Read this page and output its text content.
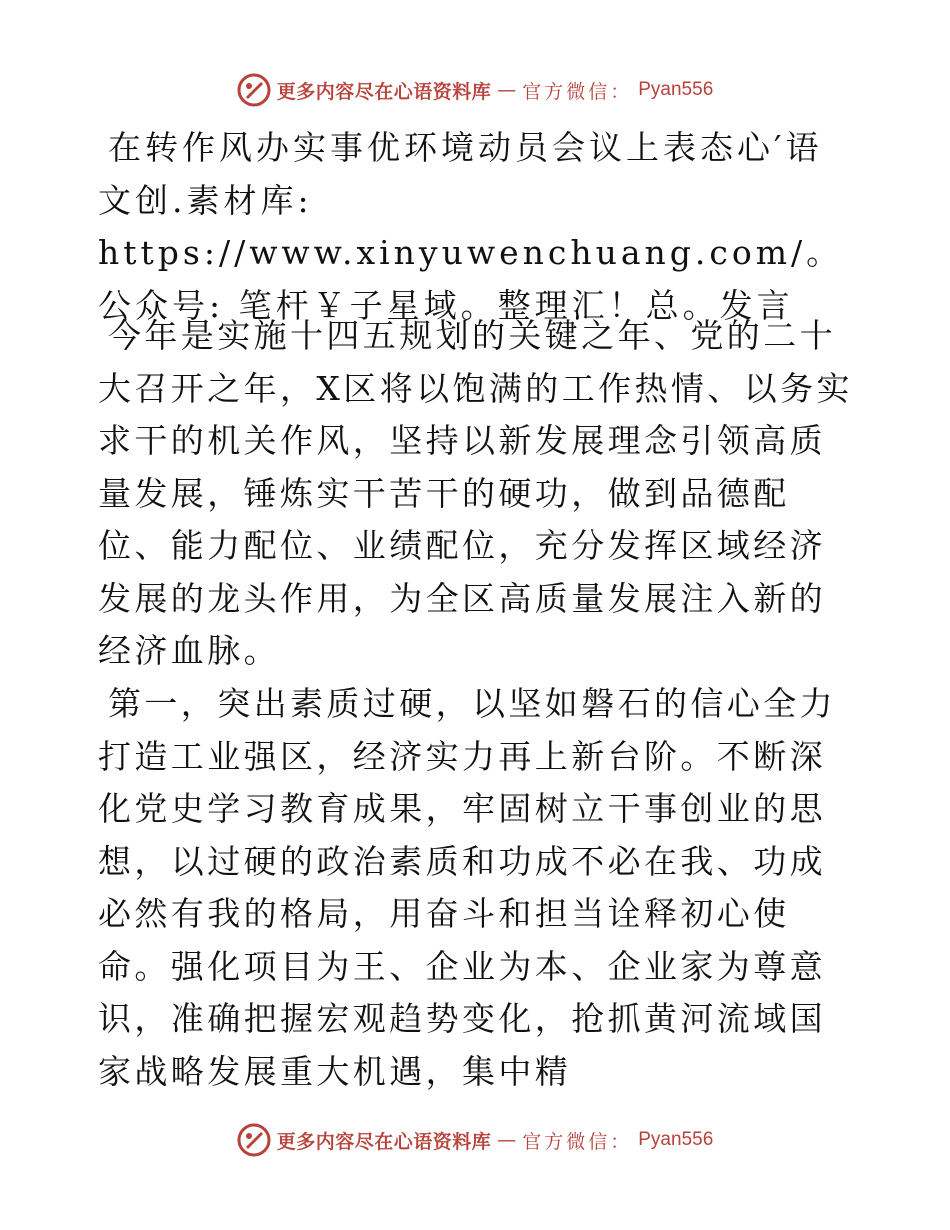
更多内容尽在心语资料库 — 官方微信： Pyan556

在转作风办实事优环境动员会议上表态心′语文创.素材库: https://www.xinyuwenchuang.com/。公众号: 笔杆￥子星域。整理汇！总。发言

今年是实施十四五规划的关键之年、党的二十大召开之年，X区将以饱满的工作热情、以务实求干的机关作风，坚持以新发展理念引领高质量发展，锤炼实干苦干的硬功，做到品德配位、能力配位、业绩配位，充分发挥区域经济发展的龙头作用，为全区高质量发展注入新的经济血脉。

第一，突出素质过硬，以坚如磐石的信心全力打造工业强区，经济实力再上新台阶。不断深化党史学习教育成果，牢固树立干事创业的思想，以过硬的政治素质和功成不必在我、功成必然有我的格局，用奋斗和担当诠释初心使命。强化项目为王、企业为本、企业家为尊意识，准确把握宏观趋势变化，抢抓黄河流域国家战略发展重大机遇，集中精

更多内容尽在心语资料库 — 官方微信： Pyan556
